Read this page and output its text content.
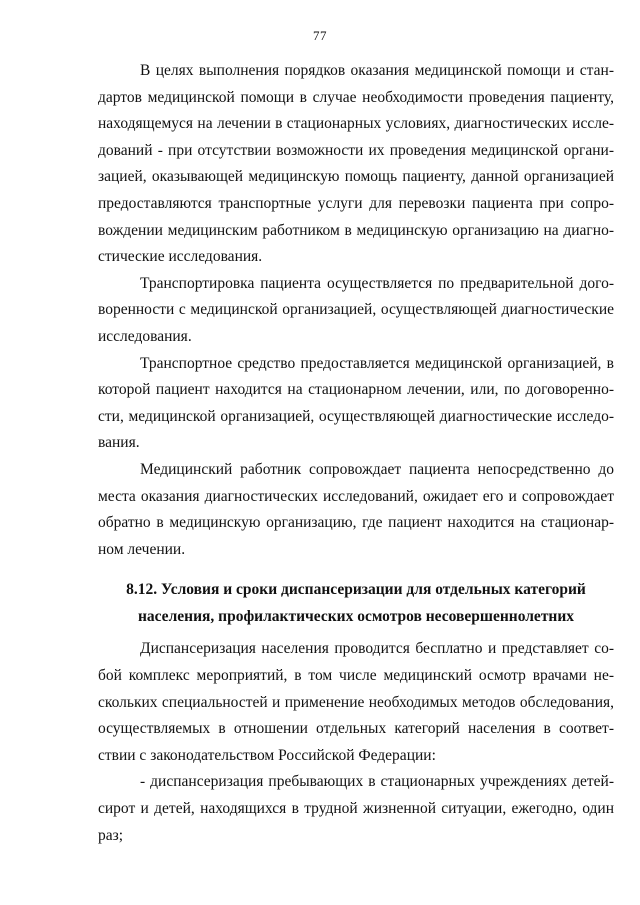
77
В целях выполнения порядков оказания медицинской помощи и стан-
дартов медицинской помощи в случае необходимости проведения пациенту,
находящемуся на лечении в стационарных условиях, диагностических иссле-
дований - при отсутствии возможности их проведения медицинской органи-
зацией, оказывающей медицинскую помощь пациенту, данной организацией
предоставляются транспортные услуги для перевозки пациента при сопро-
вождении медицинским работником в медицинскую организацию на диагно-
стические исследования.
Транспортировка пациента осуществляется по предварительной дого-
воренности с медицинской организацией, осуществляющей диагностические
исследования.
Транспортное средство предоставляется медицинской организацией, в
которой пациент находится на стационарном лечении, или, по договоренно-
сти, медицинской организацией, осуществляющей диагностические исследо-
вания.
Медицинский работник сопровождает пациента непосредственно до
места оказания диагностических исследований, ожидает его и сопровождает
обратно в медицинскую организацию, где пациент находится на стационар-
ном лечении.
8.12. Условия и сроки диспансеризации для отдельных категорий
населения, профилактических осмотров несовершеннолетних
Диспансеризация населения проводится бесплатно и представляет со-
бой комплекс мероприятий, в том числе медицинский осмотр врачами не-
скольких специальностей и применение необходимых методов обследования,
осуществляемых в отношении отдельных категорий населения в соответ-
ствии с законодательством Российской Федерации:
- диспансеризация пребывающих в стационарных учреждениях детей-
сирот и детей, находящихся в трудной жизненной ситуации, ежегодно, один
раз;
